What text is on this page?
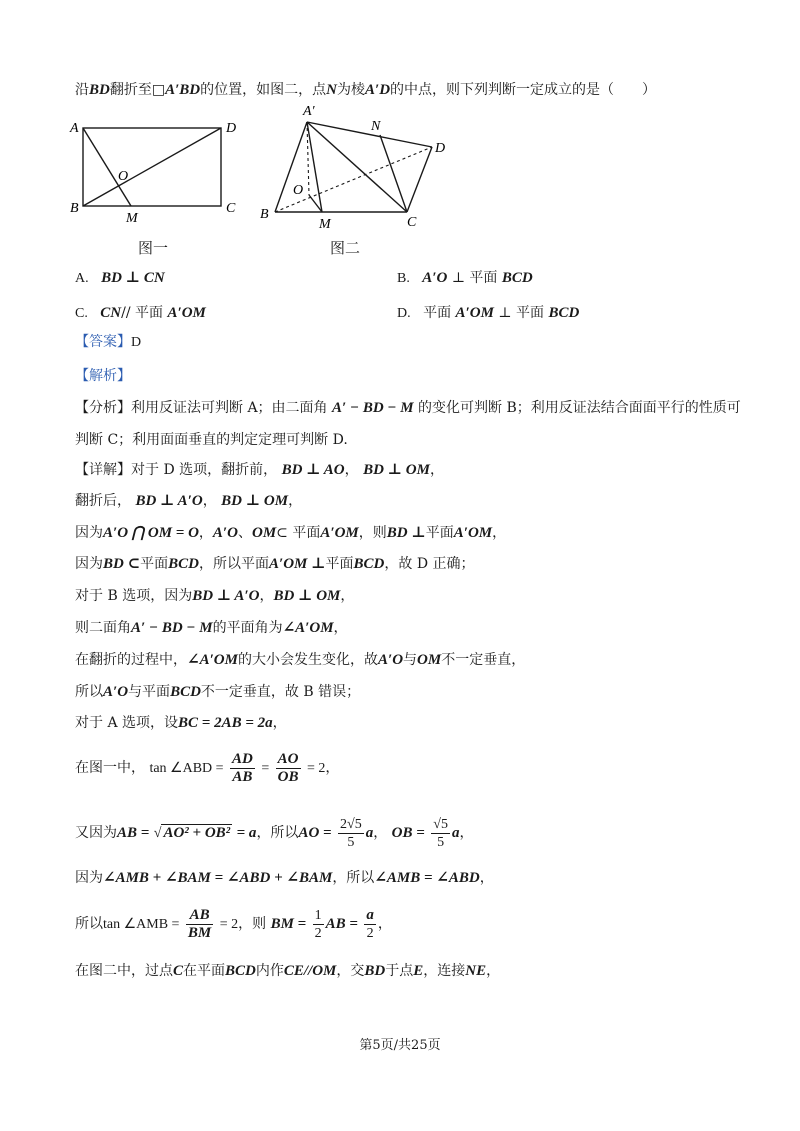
沿BD翻折至□A′BD的位置，如图二，点N为棱A′D的中点，则下列判断一定成立的是（　　）
A	D
B	C
O
M
图一
A′
N
D
O
B
M	C
图二
A. BD ⊥ CN	B. A′O ⊥ 平面 BCD
C. CN// 平面 A′OM	D. 平面 A′OM ⊥ 平面 BCD
【答案】D
【解析】
【分析】利用反证法可判断 A；由二面角 A′ − BD − M 的变化可判断 B；利用反证法结合面面平行的性质可
判断 C；利用面面垂直的判定定理可判断 D.
【详解】对于 D 选项，翻折前， BD ⊥ AO， BD ⊥ OM，
翻折后， BD ⊥ A′O， BD ⊥ OM，
因为A′O ⋂ OM = O，A′O、OM⊂ 平面A′OM，则BD ⊥平面A′OM，
因为BD ⊂平面BCD，所以平面A′OM ⊥平面BCD，故 D 正确；
对于 B 选项，因为BD ⊥ A′O，BD ⊥ OM，
则二面角A′ − BD − M的平面角为∠A′OM，
在翻折的过程中，∠A′OM的大小会发生变化，故A′O与OM不一定垂直，
所以A′O与平面BCD不一定垂直，故 B 错误；
对于 A 选项，设BC = 2AB = 2a，
在图一中， tan ∠ABD = $\frac{AD}{AB} = \frac{AO}{OB} = 2$，
又因为AB = √ AO² + OB² = a，所以AO = $\frac{2√5}{5}$ a， OB = $\frac{√5}{5}$ a，
因为∠AMB + ∠BAM = ∠ABD + ∠BAM，所以∠AMB = ∠ABD，
所以tan ∠AMB = $\frac{AB}{BM} = 2$，则 BM = $\frac{1}{2}$ AB = $\frac{a}{2}$ ，
在图二中，过点C在平面BCD内作CE//OM，交BD于点E，连接NE，
第5页/共25页
